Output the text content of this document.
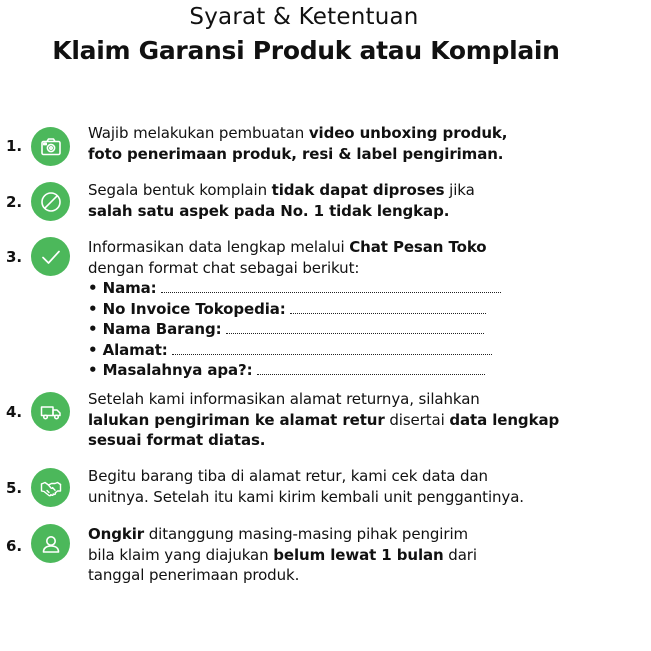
Syarat & Ketentuan
Klaim Garansi Produk atau Komplain
1.
Wajib melakukan pembuatan video unboxing produk,
foto penerimaan produk, resi & label pengiriman.
2.
Segala bentuk komplain tidak dapat diproses jika
salah satu aspek pada No. 1 tidak lengkap.
3.
Informasikan data lengkap melalui Chat Pesan Toko
dengan format chat sebagai berikut:
• Nama:
• No Invoice Tokopedia:
• Nama Barang:
• Alamat:
• Masalahnya apa?:
4.
Setelah kami informasikan alamat returnya, silahkan
lalukan pengiriman ke alamat retur disertai data lengkap
sesuai format diatas.
5.
Begitu barang tiba di alamat retur, kami cek data dan
unitnya. Setelah itu kami kirim kembali unit penggantinya.
6.
Ongkir ditanggung masing-masing pihak pengirim
bila klaim yang diajukan belum lewat 1 bulan dari
tanggal penerimaan produk.
